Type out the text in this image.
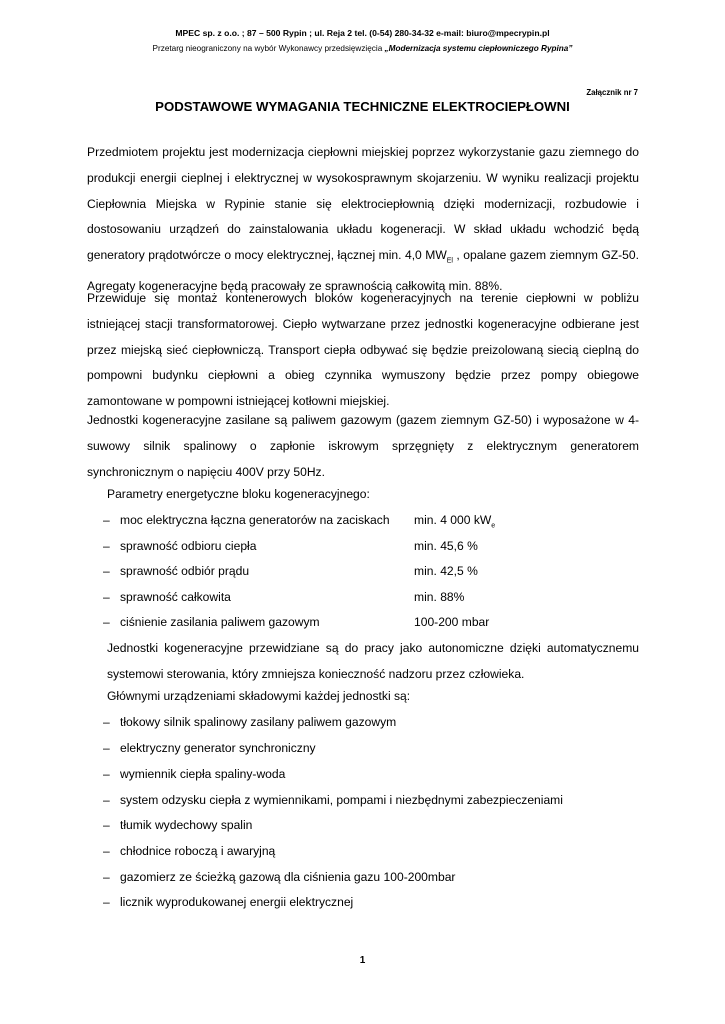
MPEC sp. z o.o. ; 87 – 500 Rypin ; ul. Reja 2 tel. (0-54) 280-34-32 e-mail: biuro@mpecrypin.pl
Przetarg nieograniczony na wybór Wykonawcy przedsięwzięcia „Modernizacja systemu ciepłowniczego Rypina”
Załącznik nr 7
PODSTAWOWE WYMAGANIA TECHNICZNE ELEKTROCIEPŁOWNI

Przedmiotem projektu jest modernizacja ciepłowni miejskiej poprzez wykorzystanie gazu ziemnego do produkcji energii cieplnej i elektrycznej w wysokosprawnym skojarzeniu. W wyniku realizacji projektu Ciepłownia Miejska w Rypinie stanie się elektrociepłownią dzięki modernizacji, rozbudowie i dostosowaniu urządzeń do zainstalowania układu kogeneracji. W skład układu wchodzić będą generatory prądotwórcze o mocy elektrycznej, łącznej min. 4,0 $MW_{El}$ , opalane gazem ziemnym GZ-50. Agregaty kogeneracyjne będą pracowały ze sprawnością całkowitą min. 88%.

Przewiduje się montaż kontenerowych bloków kogeneracyjnych na terenie ciepłowni w pobliżu istniejącej stacji transformatorowej. Ciepło wytwarzane przez jednostki kogeneracyjne odbierane jest przez miejską sieć ciepłowniczą. Transport ciepła odbywać się będzie preizolowaną siecią cieplną do pompowni budynku ciepłowni a obieg czynnika wymuszony będzie przez pompy obiegowe zamontowane w pompowni istniejącej kotłowni miejskiej.

Jednostki kogeneracyjne zasilane są paliwem gazowym (gazem ziemnym GZ-50) i wyposażone w 4-suwowy silnik spalinowy o zapłonie iskrowym sprzęgnięty z elektrycznym generatorem synchronicznym o napięciu 400V przy 50Hz.

Parametry energetyczne bloku kogeneracyjnego:

– moc elektryczna łączna generatorów na zaciskach min. 4 000 $kW_e$
– sprawność odbioru ciepła	min. 45,6 %
– sprawność odbiór prądu	min. 42,5 %
– sprawność całkowita	min. 88%
– ciśnienie zasilania paliwem gazowym	100-200 mbar

Jednostki kogeneracyjne przewidziane są do pracy jako autonomiczne dzięki automatycznemu systemowi sterowania, który zmniejsza konieczność nadzoru przez człowieka.

Głównymi urządzeniami składowymi każdej jednostki są:

– tłokowy silnik spalinowy zasilany paliwem gazowym
– elektryczny generator synchroniczny
– wymiennik ciepła spaliny-woda
– system odzysku ciepła z wymiennikami, pompami i niezbędnymi zabezpieczeniami
– tłumik wydechowy spalin
– chłodnice roboczą i awaryjną
– gazomierz ze ścieżką gazową dla ciśnienia gazu 100-200mbar
– licznik wyprodukowanej energii elektrycznej
1
